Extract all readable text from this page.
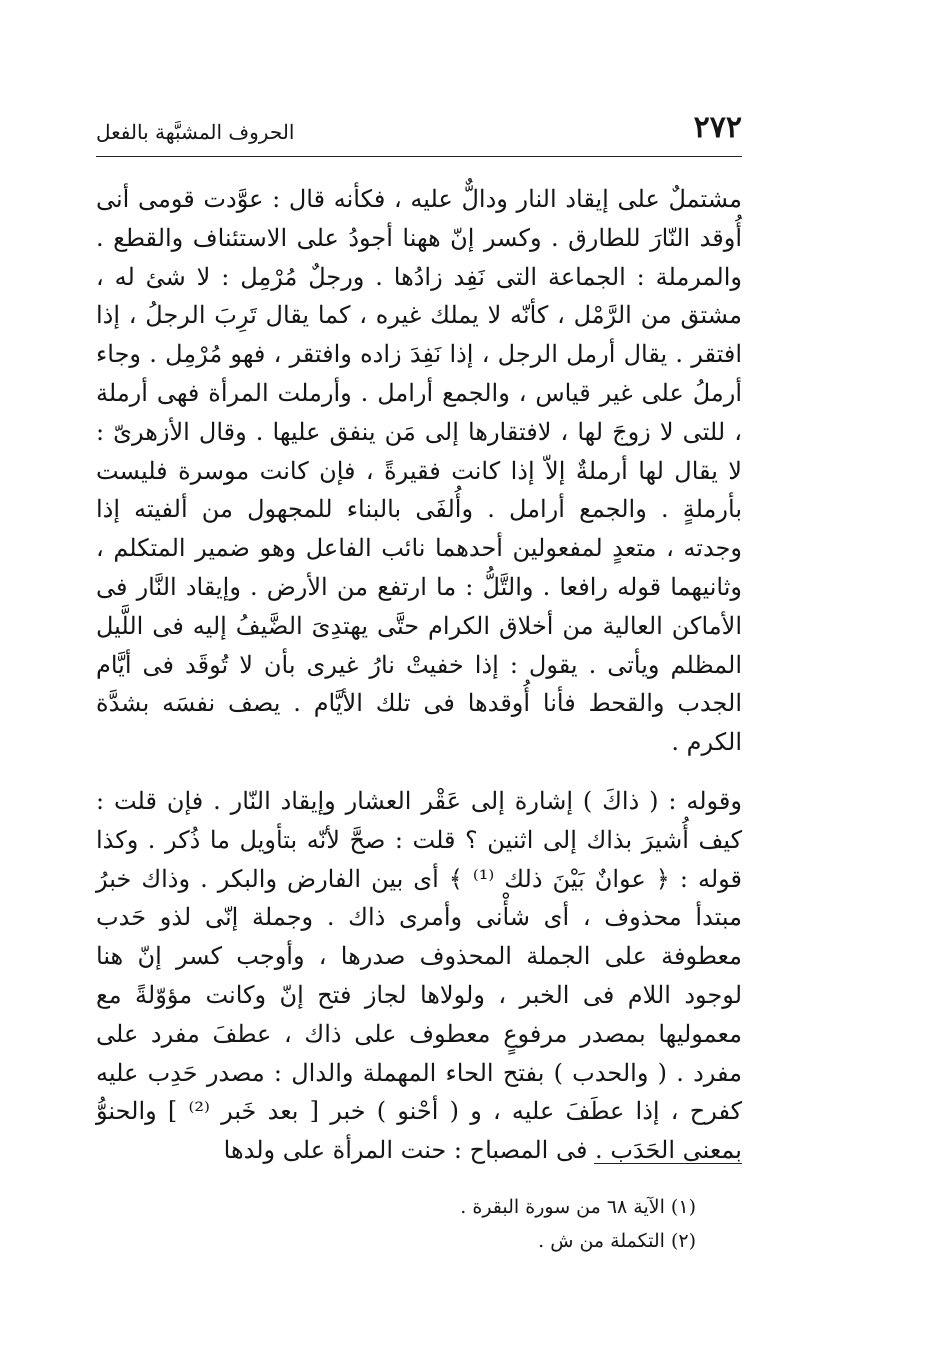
٢٧٢
الحروف المشبَّهة بالفعل

مشتملٌ على إيقاد النار ودالٌّ عليه ، فكأنه قال : عوَّدت قومى أنى أُوقد النّارَ للطارق . وكسر إنّ ههنا أجودُ على الاستئناف والقطع . والمرملة : الجماعة التى نَفِد زادُها . ورجلٌ مُرْمِل : لا شئ له ، مشتق من الرَّمْل ، كأنّه لا يملك غيره ، كما يقال تَرِبَ الرجلُ ، إذا افتقر . يقال أرمل الرجل ، إذا نَفِدَ زاده وافتقر ، فهو مُرْمِل . وجاء أرملُ على غير قياس ، والجمع أرامل . وأرملت المرأة فهى أرملة ، للتى لا زوجَ لها ، لافتقارها إلى مَن ينفق عليها . وقال الأزهرىّ : لا يقال لها أرملةٌ إلاّ إذا كانت فقيرةً ، فإن كانت موسرة فليست بأرملةٍ . والجمع أرامل . وأُلفَى بالبناء للمجهول من ألفيته إذا وجدته ، متعدٍ لمفعولين أحدهما نائب الفاعل وهو ضمير المتكلم ، وثانيهما قوله رافعا . والتَّلُّ : ما ارتفع من الأرض . وإيقاد النَّار فى الأماكن العالية من أخلاق الكرام حتَّى يهتدِىَ الضَّيفُ إليه فى اللَّيل المظلم ويأتى . يقول : إذا خفيتْ نارُ غيرى بأن لا تُوقَد فى أيَّام الجدب والقحط فأنا أُوقدها فى تلك الأيَّام . يصف نفسَه بشدَّة الكرم .

وقوله : ( ذاكَ ) إشارة إلى عَقْر العشار وإيقاد النّار . فإن قلت : كيف أُشيرَ بذاك إلى اثنين ؟ قلت : صحَّ لأنّه بتأويل ما ذُكر . وكذا قوله : ﴿ عوانٌ بَيْنَ ذلك ⁽¹⁾ ﴾ أى بين الفارض والبكر . وذاك خبرُ مبتدأ محذوف ، أى شأْنى وأمرى ذاك . وجملة إنّى لذو حَدب معطوفة على الجملة المحذوف صدرها ، وأوجب كسر إنّ هنا لوجود اللام فى الخبر ، ولولاها لجاز فتح إنّ وكانت مؤوّلةً مع معموليها بمصدر مرفوعٍ معطوف على ذاك ، عطفَ مفرد على مفرد . ( والحدب ) بفتح الحاء المهملة والدال : مصدر حَدِب عليه كفرح ، إذا عطَفَ عليه ، و ( أحْنو ) خبر [ بعد خَبر ⁽²⁾ ] والحنوُّ بمعنى الحَدَب . فى المصباح : حنت المرأة على ولدها

(١) الآية ٦٨ من سورة البقرة .
(٢) التكملة من ش .
